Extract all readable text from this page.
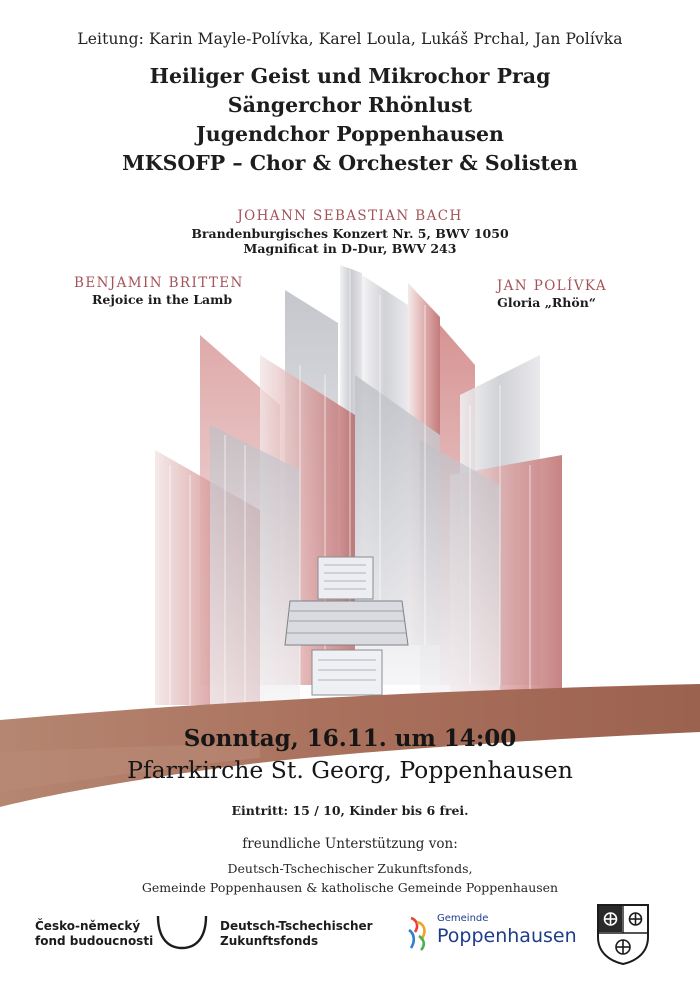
Leitung: Karin Mayle-Polívka, Karel Loula, Lukáš Prchal, Jan Polívka
Heiliger Geist und Mikrochor Prag
Sängerchor Rhönlust
Jugendchor Poppenhausen
MKSOFP – Chor & Orchester & Solisten
JOHANN SEBASTIAN BACH
Brandenburgisches Konzert Nr. 5, BWV 1050
Magnificat in D-Dur, BWV 243
BENJAMIN BRITTEN
Rejoice in the Lamb
JAN POLÍVKA
Gloria „Rhön“
Sonntag, 16.11. um 14:00
Pfarrkirche St. Georg, Poppenhausen
Eintritt: 15 / 10, Kinder bis 6 frei.
freundliche Unterstützung von:
Deutsch-Tschechischer Zukunftsfonds,
Gemeinde Poppenhausen & katholische Gemeinde Poppenhausen
Česko-německý
fond budoucnosti
Deutsch-Tschechischer
Zukunftsfonds
Gemeinde
Poppenhausen
